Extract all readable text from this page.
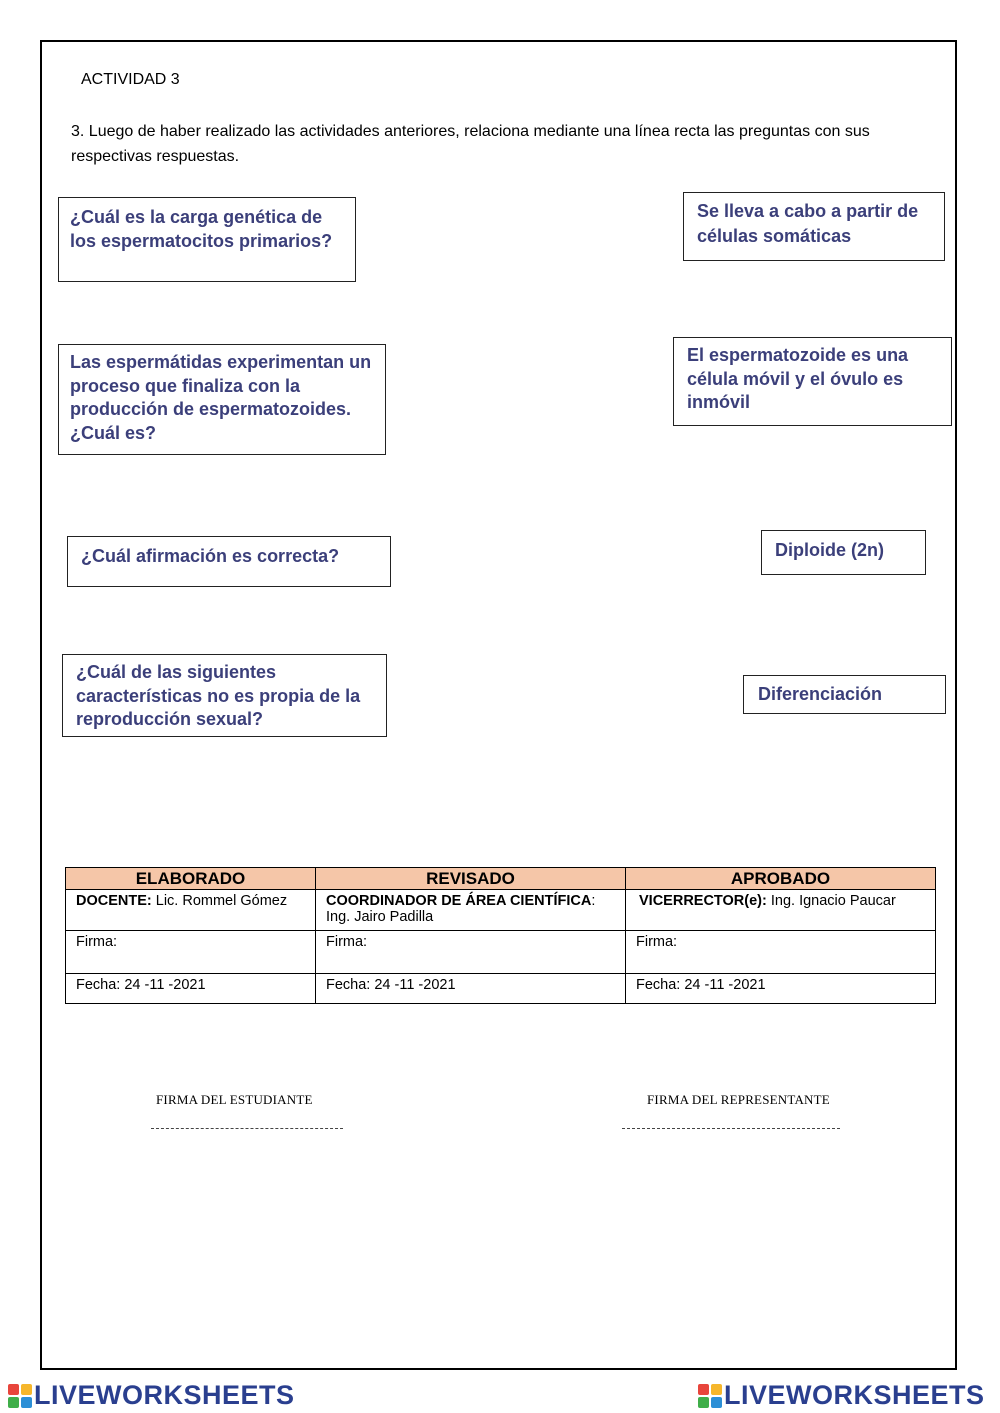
ACTIVIDAD 3
3. Luego de haber realizado las actividades anteriores, relaciona mediante una línea recta las preguntas con sus respectivas respuestas.
¿Cuál es la carga genética de los espermatocitos primarios?
Las espermátidas experimentan un proceso que finaliza con la producción de espermatozoides. ¿Cuál es?
¿Cuál afirmación es correcta?
¿Cuál de las siguientes características no es propia de la reproducción sexual?
Se lleva a cabo a partir de células somáticas
El espermatozoide es una célula móvil y el óvulo es inmóvil
Diploide (2n)
Diferenciación
ELABORADO	REVISADO	APROBADO
DOCENTE: Lic. Rommel Gómez	COORDINADOR DE ÁREA CIENTÍFICA: Ing. Jairo Padilla	VICERRECTOR(e): Ing. Ignacio Paucar
Firma:	Firma:	Firma:
Fecha: 24 -11 -2021	Fecha: 24 -11 -2021	Fecha: 24 -11 -2021
FIRMA DEL ESTUDIANTE	FIRMA DEL REPRESENTANTE
LIVEWORKSHEETS	LIVEWORKSHEETS
